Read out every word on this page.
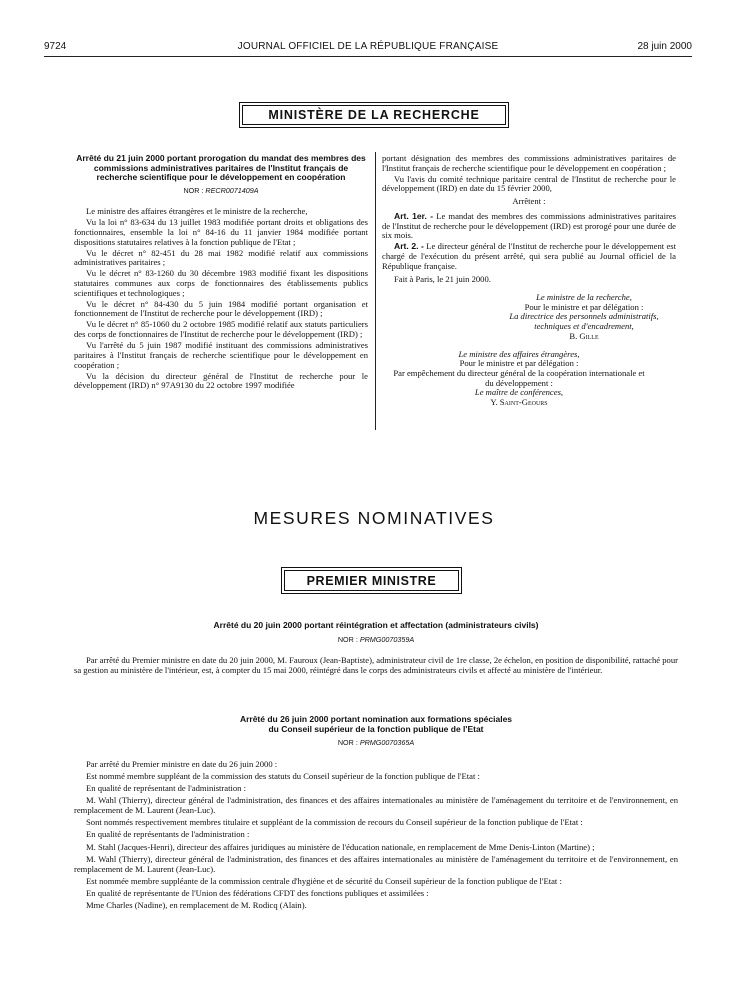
9724	JOURNAL OFFICIEL DE LA RÉPUBLIQUE FRANÇAISE	28 juin 2000
MINISTÈRE DE LA RECHERCHE
Arrêté du 21 juin 2000 portant prorogation du mandat des membres des commissions administratives paritaires de l'Institut français de recherche scientifique pour le développement en coopération
NOR : RECR0071409A

Le ministre des affaires étrangères et le ministre de la recherche,

Vu la loi n° 83-634 du 13 juillet 1983 modifiée portant droits et obligations des fonctionnaires, ensemble la loi n° 84-16 du 11 janvier 1984 modifiée portant dispositions statutaires relatives à la fonction publique de l'Etat ;

Vu le décret n° 82-451 du 28 mai 1982 modifié relatif aux commissions administratives paritaires ;

Vu le décret n° 83-1260 du 30 décembre 1983 modifié fixant les dispositions statutaires communes aux corps de fonctionnaires des établissements publics scientifiques et technologiques ;

Vu le décret n° 84-430 du 5 juin 1984 modifié portant organisation et fonctionnement de l'Institut de recherche pour le développement (IRD) ;

Vu le décret n° 85-1060 du 2 octobre 1985 modifié relatif aux statuts particuliers des corps de fonctionnaires de l'Institut de recherche pour le développement (IRD) ;

Vu l'arrêté du 5 juin 1987 modifié instituant des commissions administratives paritaires à l'Institut français de recherche scientifique pour le développement en coopération ;

Vu la décision du directeur général de l'Institut de recherche pour le développement (IRD) n° 97A9130 du 22 octobre 1997 modifiée

portant désignation des membres des commissions administratives paritaires de l'Institut français de recherche scientifique pour le développement en coopération ;

Vu l'avis du comité technique paritaire central de l'Institut de recherche pour le développement (IRD) en date du 15 février 2000,

Arrêtent :

Art. 1er. - Le mandat des membres des commissions administratives paritaires de l'Institut de recherche pour le développement (IRD) est prorogé pour une durée de six mois.

Art. 2. - Le directeur général de l'Institut de recherche pour le développement est chargé de l'exécution du présent arrêté, qui sera publié au Journal officiel de la République française.

Fait à Paris, le 21 juin 2000.

Le ministre de la recherche,
Pour le ministre et par délégation :
La directrice des personnels administratifs, techniques et d'encadrement,
B. Gille
Le ministre des affaires étrangères,
Pour le ministre et par délégation :
Par empêchement du directeur général de la coopération internationale et du développement :
Le maître de conférences,
Y. Saint-Geours
MESURES NOMINATIVES
PREMIER MINISTRE
Arrêté du 20 juin 2000 portant réintégration et affectation (administrateurs civils)
NOR : PRMG0070359A

Par arrêté du Premier ministre en date du 20 juin 2000, M. Fauroux (Jean-Baptiste), administrateur civil de 1re classe, 2e échelon, en position de disponibilité, rattaché pour sa gestion au ministère de l'intérieur, est, à compter du 15 mai 2000, réintégré dans le corps des administrateurs civils et affecté au ministère de l'intérieur.

Arrêté du 26 juin 2000 portant nomination aux formations spéciales
du Conseil supérieur de la fonction publique de l'Etat
NOR : PRMG0070365A

Par arrêté du Premier ministre en date du 26 juin 2000 :

Est nommé membre suppléant de la commission des statuts du Conseil supérieur de la fonction publique de l'Etat :

En qualité de représentant de l'administration :

M. Wahl (Thierry), directeur général de l'administration, des finances et des affaires internationales au ministère de l'aménagement du territoire et de l'environnement, en remplacement de M. Laurent (Jean-Luc).

Sont nommés respectivement membres titulaire et suppléant de la commission de recours du Conseil supérieur de la fonction publique de l'Etat :

En qualité de représentants de l'administration :

M. Stahl (Jacques-Henri), directeur des affaires juridiques au ministère de l'éducation nationale, en remplacement de Mme Denis-Linton (Martine) ;

M. Wahl (Thierry), directeur général de l'administration, des finances et des affaires internationales au ministère de l'aménagement du territoire et de l'environnement, en remplacement de M. Laurent (Jean-Luc).

Est nommée membre suppléante de la commission centrale d'hygiène et de sécurité du Conseil supérieur de la fonction publique de l'Etat :

En qualité de représentante de l'Union des fédérations CFDT des fonctions publiques et assimilées :

Mme Charles (Nadine), en remplacement de M. Rodicq (Alain).
